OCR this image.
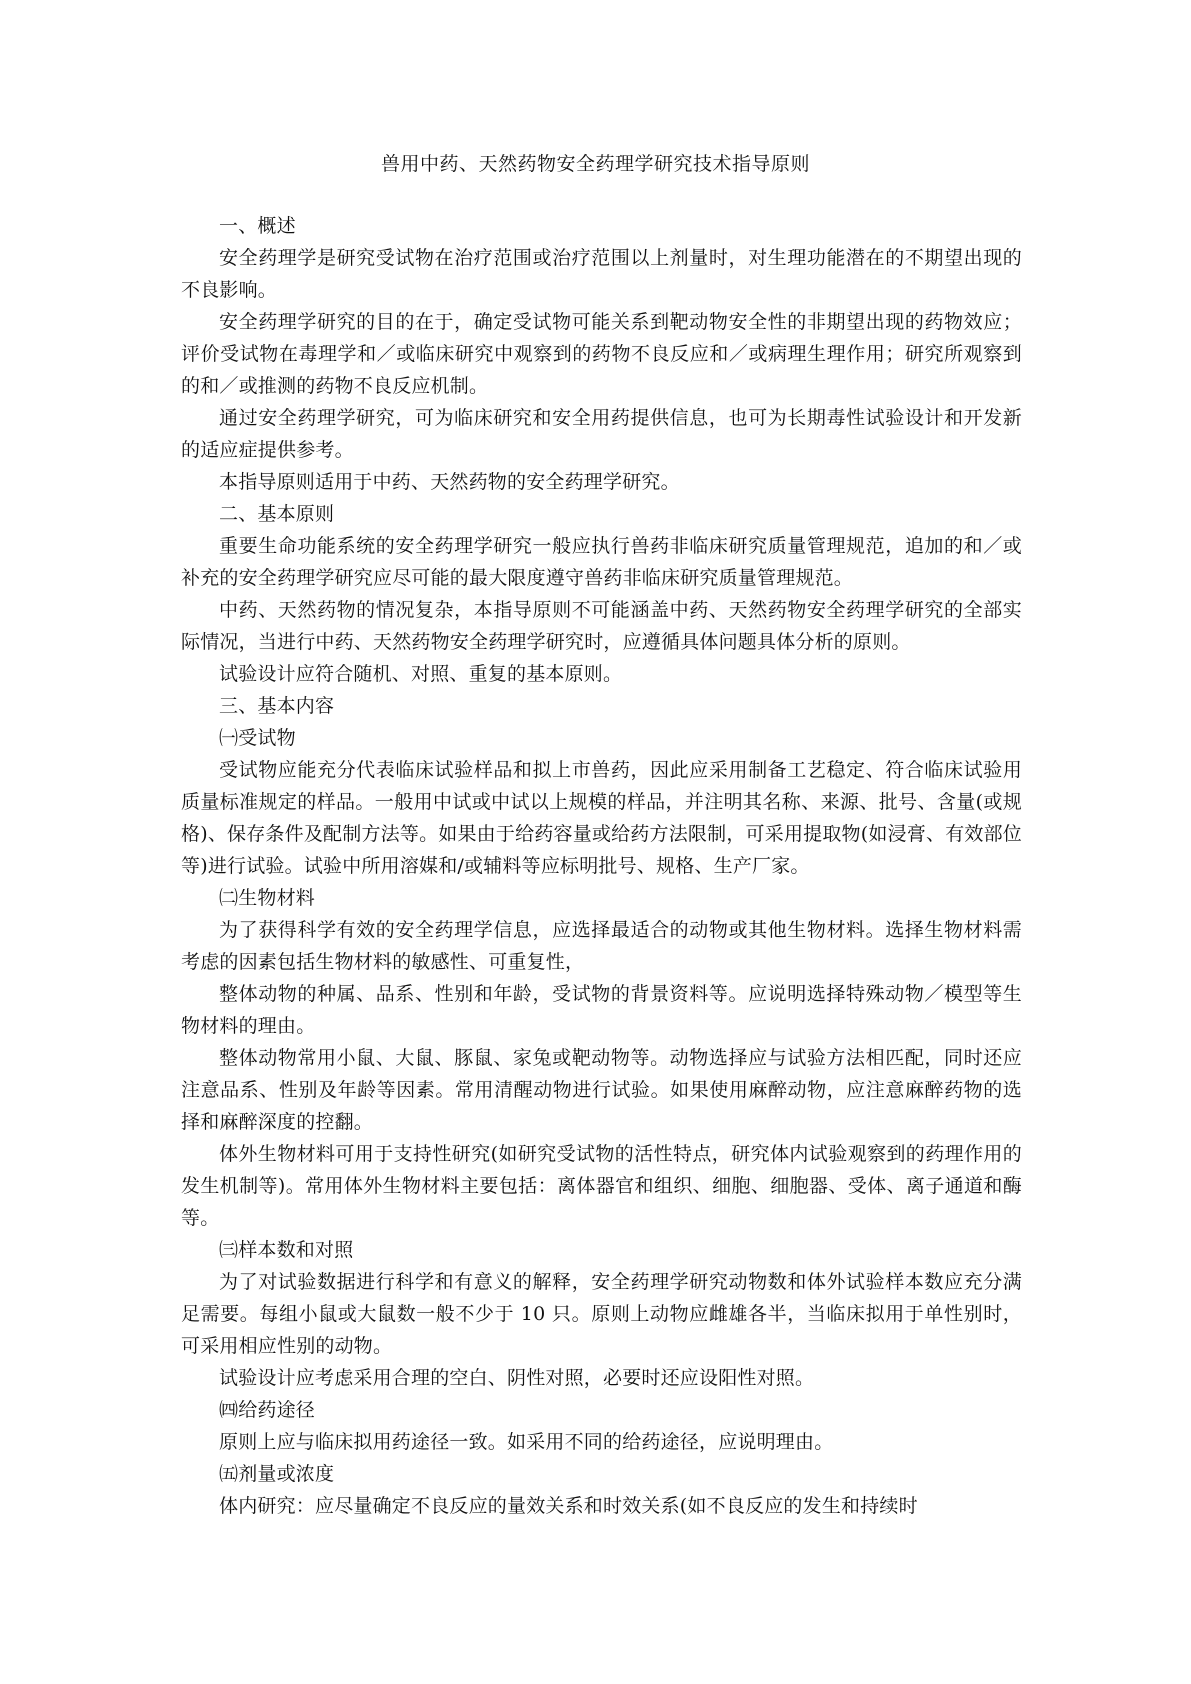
兽用中药、天然药物安全药理学研究技术指导原则

一、概述

安全药理学是研究受试物在治疗范围或治疗范围以上剂量时，对生理功能潜在的不期望出现的不良影响。

安全药理学研究的目的在于，确定受试物可能关系到靶动物安全性的非期望出现的药物效应；评价受试物在毒理学和／或临床研究中观察到的药物不良反应和／或病理生理作用；研究所观察到的和／或推测的药物不良反应机制。

通过安全药理学研究，可为临床研究和安全用药提供信息，也可为长期毒性试验设计和开发新的适应症提供参考。

本指导原则适用于中药、天然药物的安全药理学研究。

二、基本原则

重要生命功能系统的安全药理学研究一般应执行兽药非临床研究质量管理规范，追加的和／或补充的安全药理学研究应尽可能的最大限度遵守兽药非临床研究质量管理规范。

中药、天然药物的情况复杂，本指导原则不可能涵盖中药、天然药物安全药理学研究的全部实际情况，当进行中药、天然药物安全药理学研究时，应遵循具体问题具体分析的原则。

试验设计应符合随机、对照、重复的基本原则。

三、基本内容

㈠受试物

受试物应能充分代表临床试验样品和拟上市兽药，因此应采用制备工艺稳定、符合临床试验用质量标准规定的样品。一般用中试或中试以上规模的样品，并注明其名称、来源、批号、含量(或规格)、保存条件及配制方法等。如果由于给药容量或给药方法限制，可采用提取物(如浸膏、有效部位等)进行试验。试验中所用溶媒和/或辅料等应标明批号、规格、生产厂家。

㈡生物材料

为了获得科学有效的安全药理学信息，应选择最适合的动物或其他生物材料。选择生物材料需考虑的因素包括生物材料的敏感性、可重复性，

整体动物的种属、品系、性别和年龄，受试物的背景资料等。应说明选择特殊动物／模型等生物材料的理由。

整体动物常用小鼠、大鼠、豚鼠、家兔或靶动物等。动物选择应与试验方法相匹配，同时还应注意品系、性别及年龄等因素。常用清醒动物进行试验。如果使用麻醉动物，应注意麻醉药物的选择和麻醉深度的控翻。

体外生物材料可用于支持性研究(如研究受试物的活性特点，研究体内试验观察到的药理作用的发生机制等)。常用体外生物材料主要包括：离体器官和组织、细胞、细胞器、受体、离子通道和酶等。

㈢样本数和对照

为了对试验数据进行科学和有意义的解释，安全药理学研究动物数和体外试验样本数应充分满足需要。每组小鼠或大鼠数一般不少于 10 只。原则上动物应雌雄各半，当临床拟用于单性别时，可采用相应性别的动物。

试验设计应考虑采用合理的空白、阴性对照，必要时还应设阳性对照。

㈣给药途径

原则上应与临床拟用药途径一致。如采用不同的给药途径，应说明理由。

㈤剂量或浓度

体内研究：应尽量确定不良反应的量效关系和时效关系(如不良反应的发生和持续时
